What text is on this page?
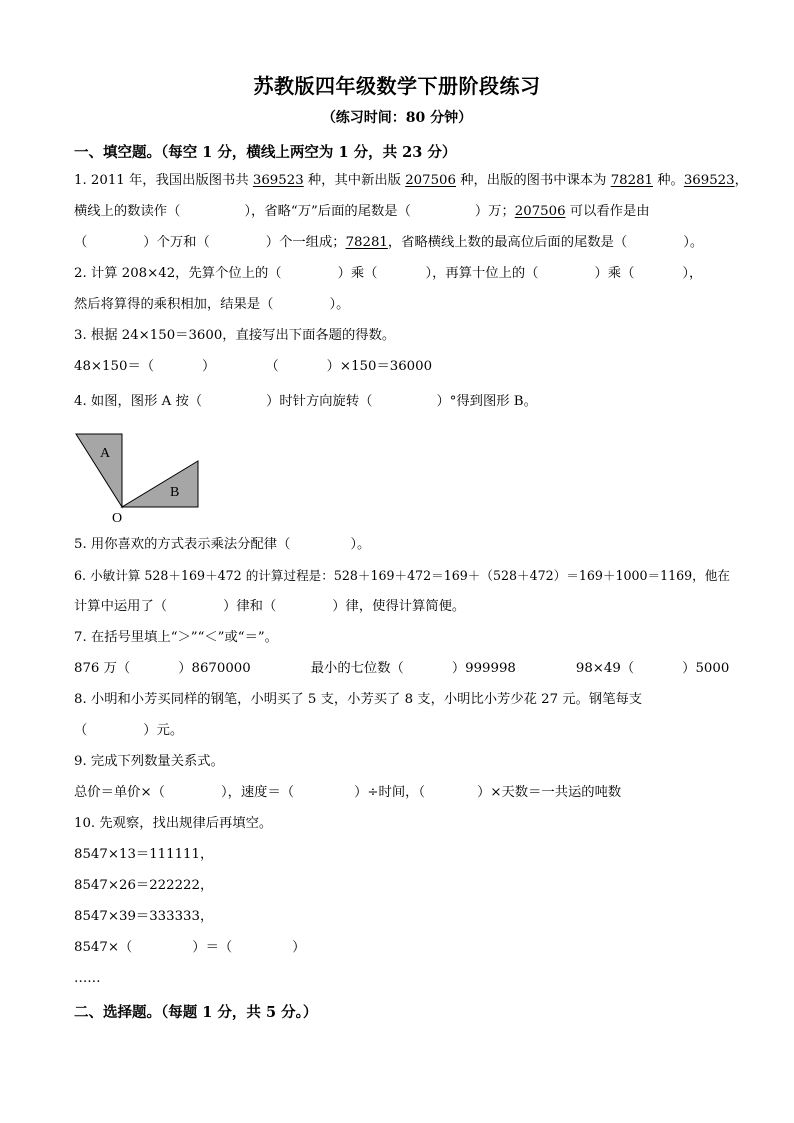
苏教版四年级数学下册阶段练习
（练习时间：80 分钟）
一、填空题。（每空 1 分，横线上两空为 1 分，共 23 分）
1. 2011 年，我国出版图书共 369523 种，其中新出版 207506 种，出版的图书中课本为 78281 种。369523，
横线上的数读作（	），省略“万”后面的尾数是（	）万；207506 可以看作是由
（	）个万和（	）个一组成；78281，省略横线上数的最高位后面的尾数是（	）。
2. 计算 208×42，先算个位上的（	）乘（	），再算十位上的（	）乘（	），
然后将算得的乘积相加，结果是（	）。
3. 根据 24×150＝3600，直接写出下面各题的得数。
48×150＝（	）	（	）×150＝36000
4. 如图，图形 A 按（	）时针方向旋转（	）°得到图形 B。
A
B
O
5. 用你喜欢的方式表示乘法分配律（	）。
6. 小敏计算 528＋169＋472 的计算过程是：528＋169＋472＝169＋（528＋472）＝169＋1000＝1169，他在
计算中运用了（	）律和（	）律，使得计算简便。
7. 在括号里填上“＞”“＜”或“＝”。
876 万（	）8670000	最小的七位数（	）999998	98×49（	）5000
8. 小明和小芳买同样的钢笔，小明买了 5 支，小芳买了 8 支，小明比小芳少花 27 元。钢笔每支
（	）元。
9. 完成下列数量关系式。
总价＝单价×（	），速度＝（	）÷时间，（	）×天数＝一共运的吨数
10. 先观察，找出规律后再填空。
8547×13＝111111，
8547×26＝222222，
8547×39＝333333，
8547×（	）＝（	）
……
二、选择题。（每题 1 分，共 5 分。）
